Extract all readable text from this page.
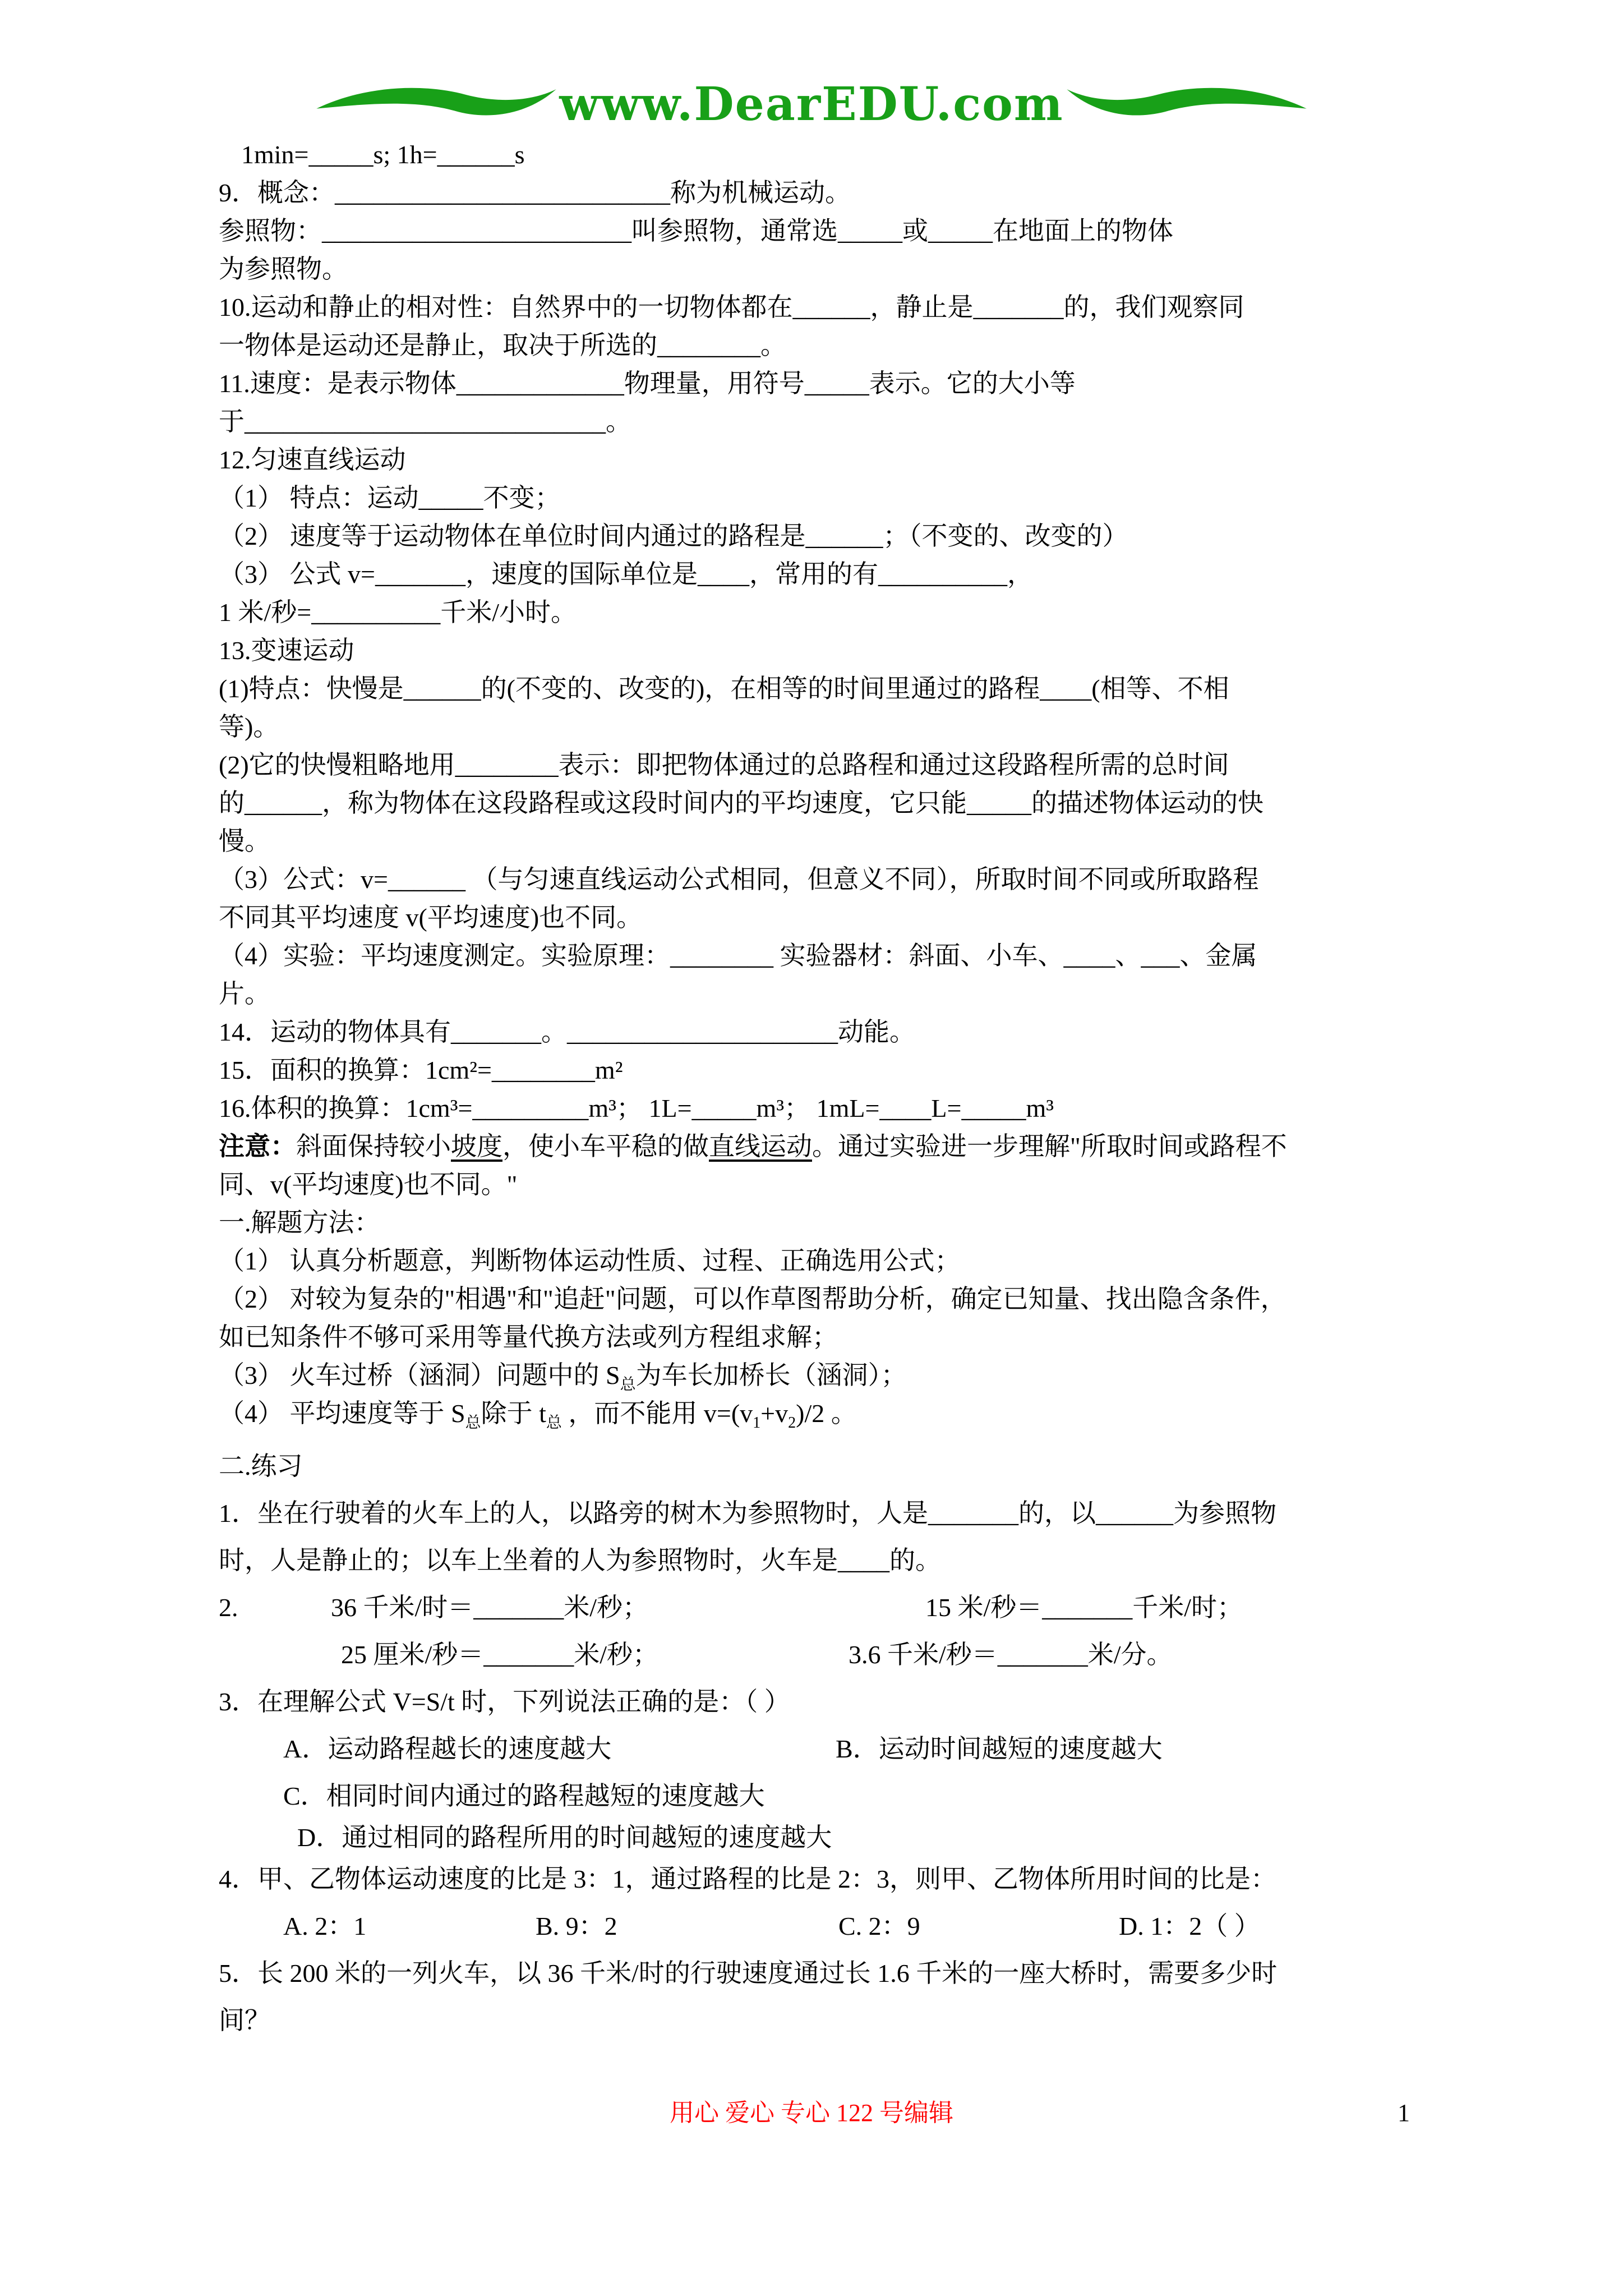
www.DearEDU.com
1min=_____s; 1h=______s
9．概念：__________________________称为机械运动。
参照物：________________________叫参照物，通常选_____或_____在地面上的物体
为参照物。
10.运动和静止的相对性：自然界中的一切物体都在______，静止是_______的，我们观察同
一物体是运动还是静止，取决于所选的________。
11.速度：是表示物体_____________物理量，用符号_____表示。它的大小等
于____________________________。
12.匀速直线运动
（1） 特点：运动_____不变；
（2） 速度等于运动物体在单位时间内通过的路程是______；（不变的、改变的）
（3） 公式 v=_______，速度的国际单位是____，常用的有__________，
1 米/秒=__________千米/小时。
13.变速运动
(1)特点：快慢是______的(不变的、改变的)，在相等的时间里通过的路程____(相等、不相
等)。
(2)它的快慢粗略地用________表示：即把物体通过的总路程和通过这段路程所需的总时间
的______，称为物体在这段路程或这段时间内的平均速度，它只能_____的描述物体运动的快
慢。
（3）公式：v=______ （与匀速直线运动公式相同，但意义不同），所取时间不同或所取路程
不同其平均速度 v(平均速度)也不同。
（4）实验：平均速度测定。实验原理：________ 实验器材：斜面、小车、____、___、金属
片。
14．运动的物体具有_______。_____________________动能。
15．面积的换算：1cm²=________m²
16.体积的换算：1cm³=_________m³； 1L=_____m³； 1mL=____L=_____m³
注意：斜面保持较小坡度，使小车平稳的做直线运动。通过实验进一步理解"所取时间或路程不
同、v(平均速度)也不同。"
一.解题方法：
（1） 认真分析题意，判断物体运动性质、过程、正确选用公式；
（2） 对较为复杂的"相遇"和"追赶"问题，可以作草图帮助分析，确定已知量、找出隐含条件，
如已知条件不够可采用等量代换方法或列方程组求解；
（3） 火车过桥（涵洞）问题中的 $S_总$为车长加桥长（涵洞）；
（4） 平均速度等于 $S_总$除于 $t_总$ ，而不能用 $v=(v_1+v_2)/2$ 。
二.练习
1．坐在行驶着的火车上的人，以路旁的树木为参照物时，人是_______的，以______为参照物
时，人是静止的；以车上坐着的人为参照物时，火车是____的。
2.	36 千米/时＝_______米/秒；	15 米/秒＝_______千米/时；
25 厘米/秒＝_______米/秒；	3.6 千米/秒＝_______米/分。
3．在理解公式 V=S/t 时，下列说法正确的是：（ ）
A．运动路程越长的速度越大	B．运动时间越短的速度越大
C．相同时间内通过的路程越短的速度越大
D．通过相同的路程所用的时间越短的速度越大
4．甲、乙物体运动速度的比是 3：1，通过路程的比是 2：3，则甲、乙物体所用时间的比是：
A. 2：1	B. 9：2	C. 2：9	D. 1：2（ ）
5．长 200 米的一列火车，以 36 千米/时的行驶速度通过长 1.6 千米的一座大桥时，需要多少时
间？
用心 爱心 专心 122 号编辑	1
